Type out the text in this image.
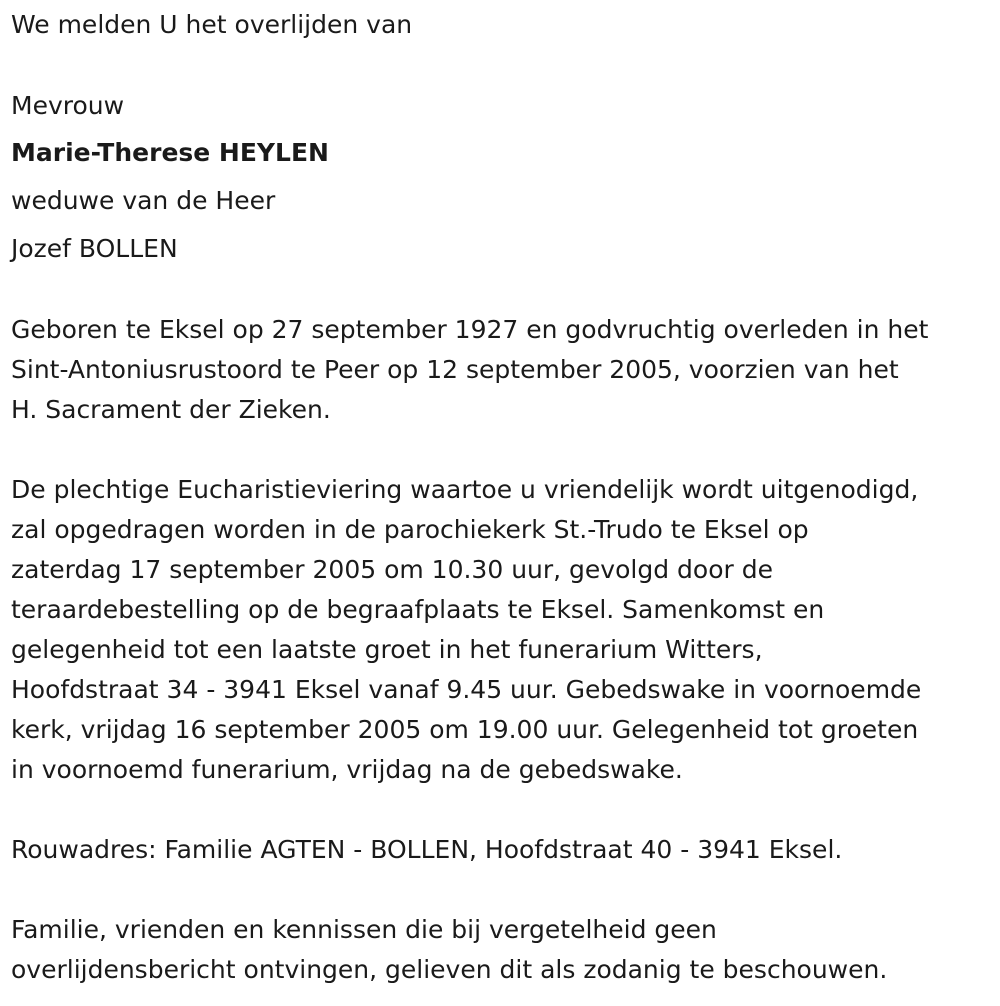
We melden U het overlijden van
Mevrouw
Marie-Therese HEYLEN
weduwe van de Heer
Jozef BOLLEN
Geboren te Eksel op 27 september 1927 en godvruchtig overleden in het
Sint-Antoniusrustoord te Peer op 12 september 2005, voorzien van het
H. Sacrament der Zieken.
De plechtige Eucharistieviering waartoe u vriendelijk wordt uitgenodigd,
zal opgedragen worden in de parochiekerk St.-Trudo te Eksel op
zaterdag 17 september 2005 om 10.30 uur, gevolgd door de
teraardebestelling op de begraafplaats te Eksel. Samenkomst en
gelegenheid tot een laatste groet in het funerarium Witters,
Hoofdstraat 34 - 3941 Eksel vanaf 9.45 uur. Gebedswake in voornoemde
kerk, vrijdag 16 september 2005 om 19.00 uur. Gelegenheid tot groeten
in voornoemd funerarium, vrijdag na de gebedswake.
Rouwadres: Familie AGTEN - BOLLEN, Hoofdstraat 40 - 3941 Eksel.
Familie, vrienden en kennissen die bij vergetelheid geen
overlijdensbericht ontvingen, gelieven dit als zodanig te beschouwen.
